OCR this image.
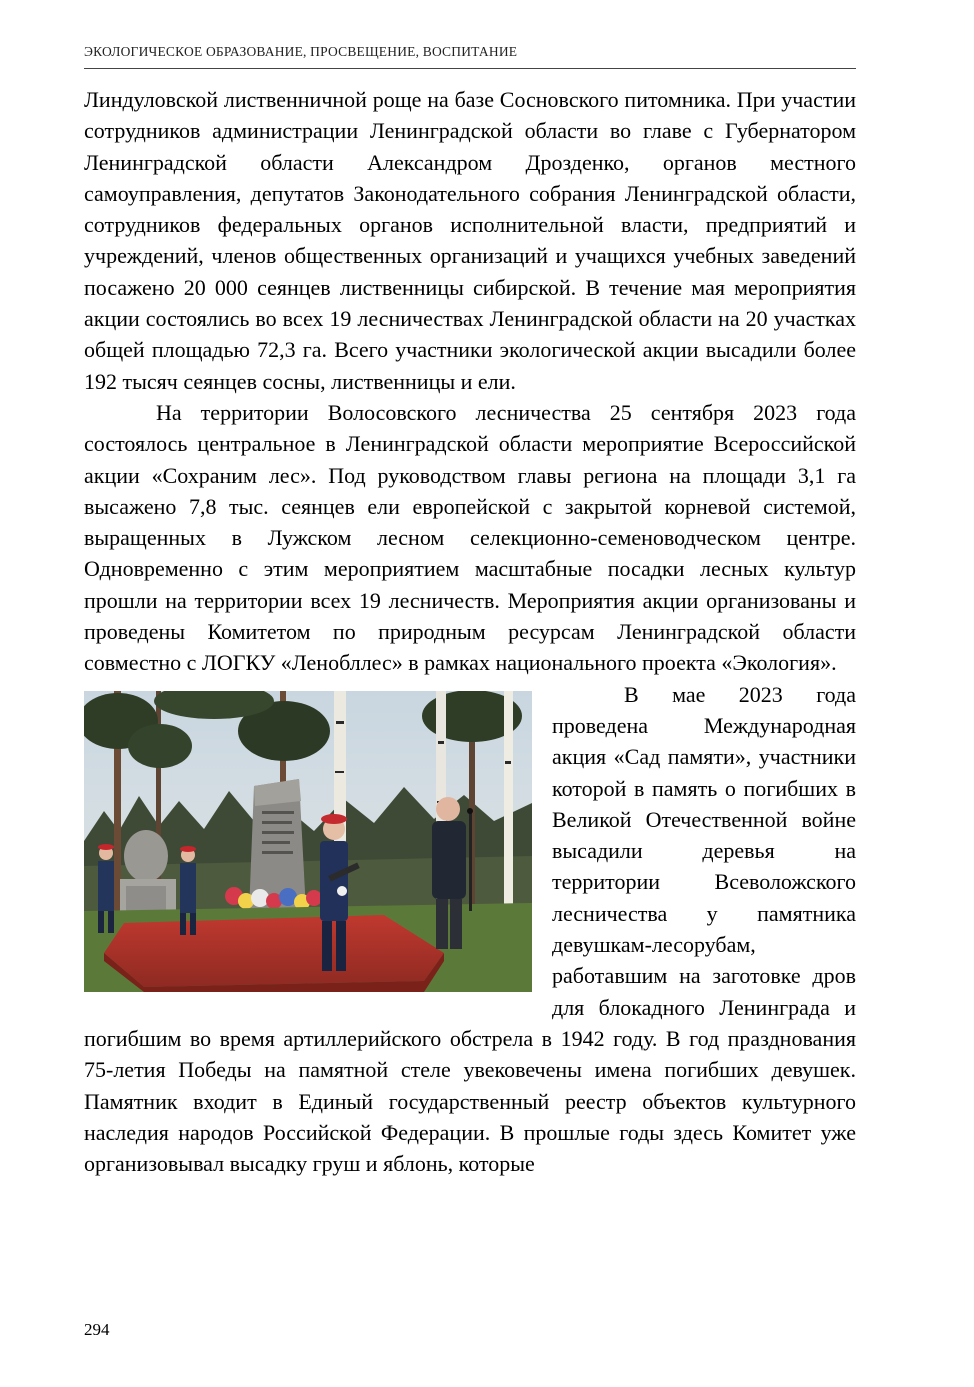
ЭКОЛОГИЧЕСКОЕ ОБРАЗОВАНИЕ, ПРОСВЕЩЕНИЕ, ВОСПИТАНИЕ

Линдуловской лиственничной роще на базе Сосновского питомника. При участии сотрудников администрации Ленинградской области во главе с Губернатором Ленинградской области Александром Дрозденко, органов местного самоуправления, депутатов Законодательного собрания Ленинградской области, сотрудников федеральных органов исполнительной власти, предприятий и учреждений, членов общественных организаций и учащихся учебных заведений посажено 20 000 сеянцев лиственницы сибирской. В течение мая мероприятия акции состоялись во всех 19 лесничествах Ленинградской области на 20 участках общей площадью 72,3 га. Всего участники экологической акции высадили более 192 тысяч сеянцев сосны, лиственницы и ели.

На территории Волосовского лесничества 25 сентября 2023 года состоялось центральное в Ленинградской области мероприятие Всероссийской акции «Сохраним лес». Под руководством главы региона на площади 3,1 га высажено 7,8 тыс. сеянцев ели европейской с закрытой корневой системой, выращенных в Лужском лесном селекционно-семеноводческом центре. Одновременно с этим мероприятием масштабные посадки лесных культур прошли на территории всех 19 лесничеств. Мероприятия акции организованы и проведены Комитетом по природным ресурсам Ленинградской области совместно с ЛОГКУ «Ленобллес» в рамках национального проекта «Экология».

В мае 2023 года проведена Международная акция «Сад памяти», участники которой в память о погибших в Великой Отечественной войне высадили деревья на территории Всеволожского лесничества у памятника девушкам-лесорубам, работавшим на заготовке дров для блокадного Ленинграда и погибшим во время артиллерийского обстрела в 1942 году. В год празднования 75-летия Победы на памятной стеле увековечены имена погибших девушек. Памятник входит в Единый государственный реестр объектов культурного наследия народов Российской Федерации. В прошлые годы здесь Комитет уже организовывал высадку груш и яблонь, которые

294
